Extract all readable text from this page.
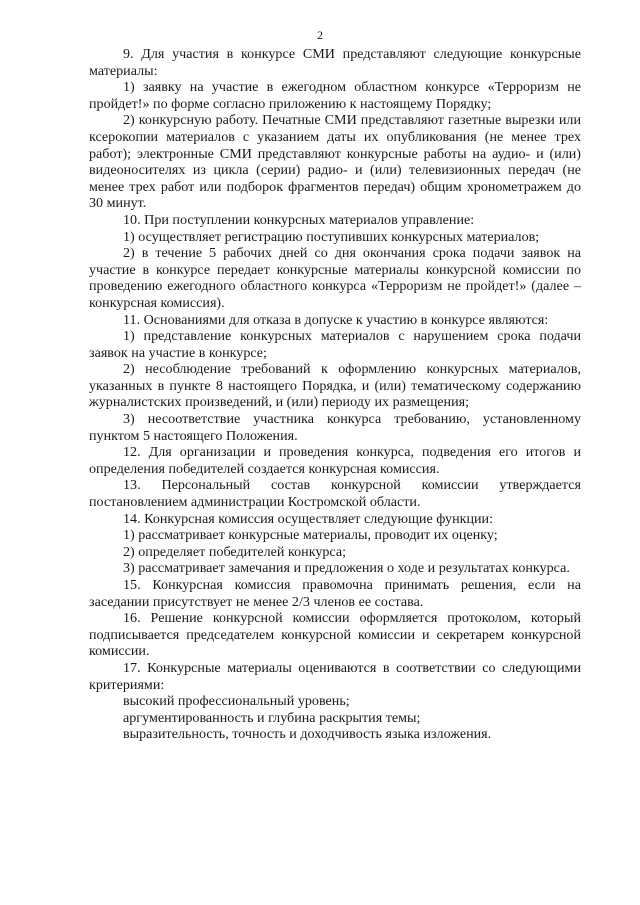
2

9. Для участия в конкурсе СМИ представляют следующие конкурсные материалы:

1) заявку на участие в ежегодном областном конкурсе «Терроризм не пройдет!» по форме согласно приложению к настоящему Порядку;

2) конкурсную работу. Печатные СМИ представляют газетные вырезки или ксерокопии материалов с указанием даты их опубликования (не менее трех работ); электронные СМИ представляют конкурсные работы на аудио- и (или) видеоносителях из цикла (серии) радио- и (или) телевизионных передач (не менее трех работ или подборок фрагментов передач) общим хронометражем до 30 минут.

10. При поступлении конкурсных материалов управление:

1) осуществляет регистрацию поступивших конкурсных материалов;

2) в течение 5 рабочих дней со дня окончания срока подачи заявок на участие в конкурсе передает конкурсные материалы конкурсной комиссии по проведению ежегодного областного конкурса «Терроризм не пройдет!» (далее – конкурсная комиссия).

11. Основаниями для отказа в допуске к участию в конкурсе являются:

1) представление конкурсных материалов с нарушением срока подачи заявок на участие в конкурсе;

2) несоблюдение требований к оформлению конкурсных материалов, указанных в пункте 8 настоящего Порядка, и (или) тематическому содержанию журналистских произведений, и (или) периоду их размещения;

3) несоответствие участника конкурса требованию, установленному пунктом 5 настоящего Положения.

12. Для организации и проведения конкурса, подведения его итогов и определения победителей создается конкурсная комиссия.

13. Персональный состав конкурсной комиссии утверждается постановлением администрации Костромской области.

14. Конкурсная комиссия осуществляет следующие функции:

1) рассматривает конкурсные материалы, проводит их оценку;

2) определяет победителей конкурса;

3) рассматривает замечания и предложения о ходе и результатах конкурса.

15. Конкурсная комиссия правомочна принимать решения, если на заседании присутствует не менее 2/3 членов ее состава.

16. Решение конкурсной комиссии оформляется протоколом, который подписывается председателем конкурсной комиссии и секретарем конкурсной комиссии.

17. Конкурсные материалы оцениваются в соответствии со следующими критериями:

высокий профессиональный уровень;

аргументированность и глубина раскрытия темы;

выразительность, точность и доходчивость языка изложения.
